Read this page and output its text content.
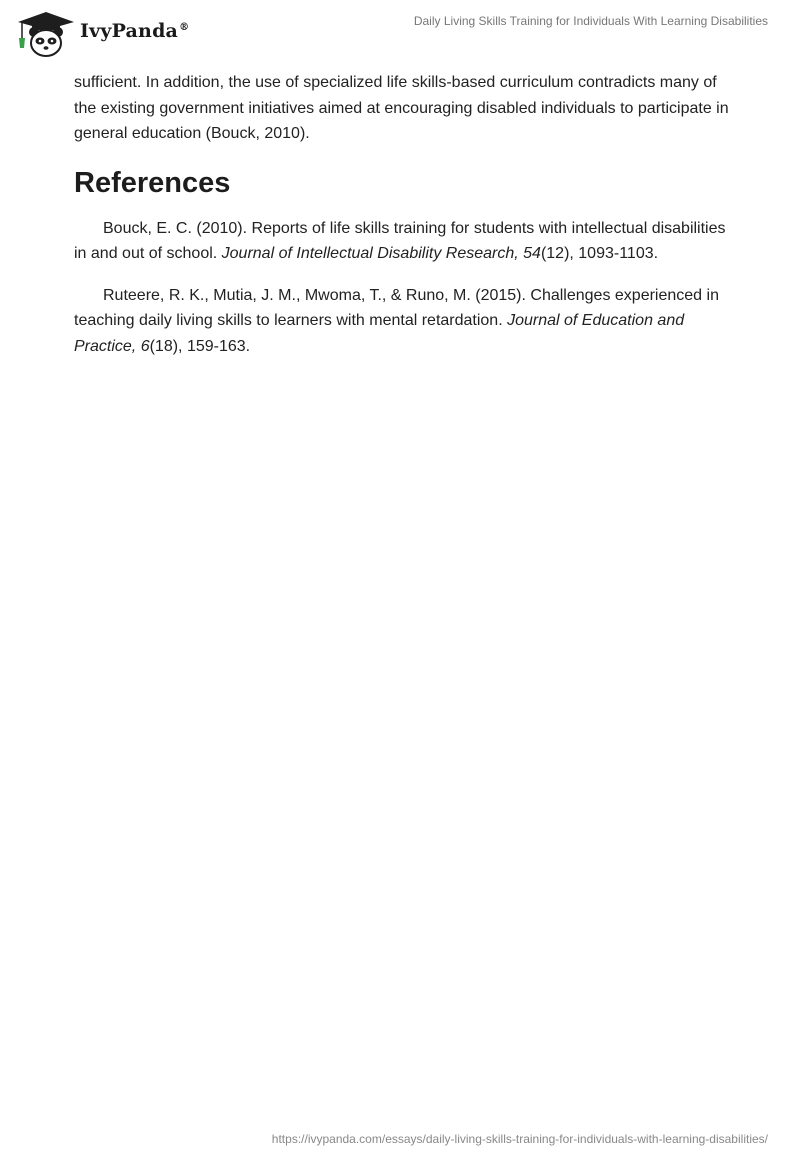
IvyPanda®	Daily Living Skills Training for Individuals With Learning Disabilities

sufficient. In addition, the use of specialized life skills-based curriculum contradicts many of the existing government initiatives aimed at encouraging disabled individuals to participate in general education (Bouck, 2010).

References

Bouck, E. C. (2010). Reports of life skills training for students with intellectual disabilities in and out of school. Journal of Intellectual Disability Research, 54(12), 1093-1103.

Ruteere, R. K., Mutia, J. M., Mwoma, T., & Runo, M. (2015). Challenges experienced in teaching daily living skills to learners with mental retardation. Journal of Education and Practice, 6(18), 159-163.

https://ivypanda.com/essays/daily-living-skills-training-for-individuals-with-learning-disabilities/
